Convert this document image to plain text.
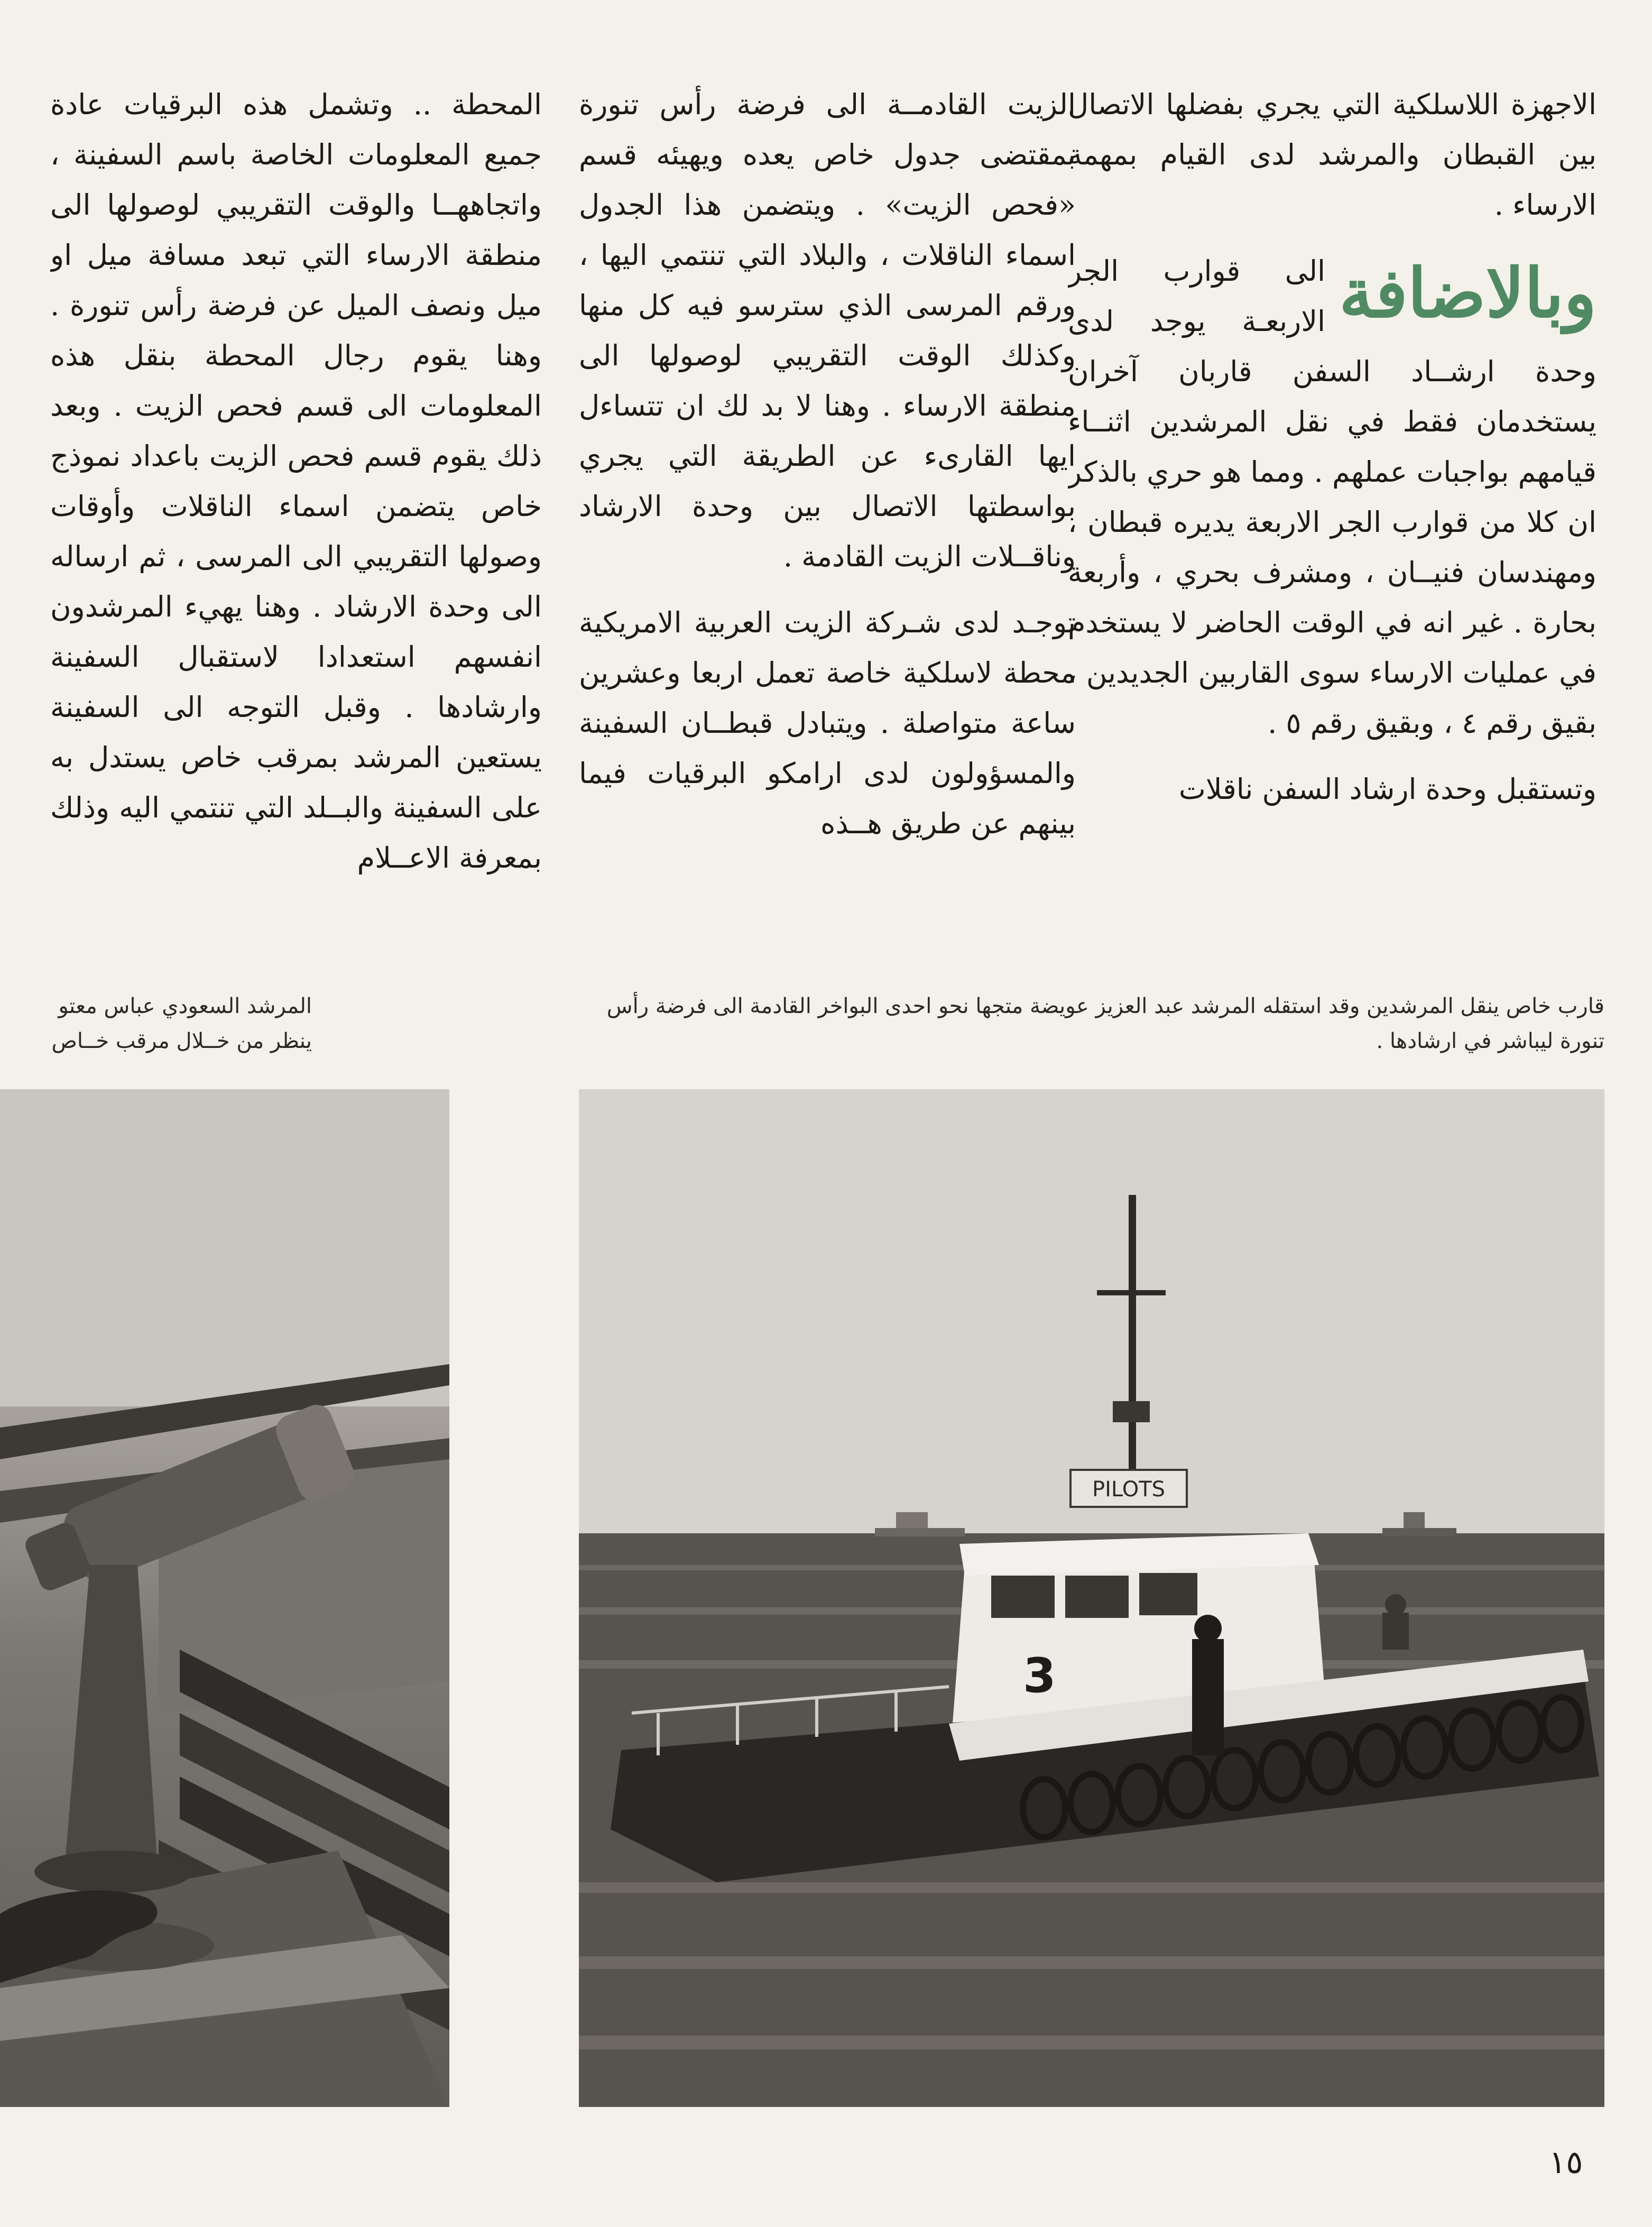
الاجهزة اللاسلكية التي يجري بفضلها الاتصال بين القبطان والمرشد لدى القيام بمهمة الارساء .

وبالاضافة
الى قوارب الجر الاربعـة يوجد لدى وحدة ارشــاد السفن قاربان آخران يستخدمان فقط في نقل المرشدين اثنــاء قيامهم بواجبات عملهم . ومما هو حري بالذكر ان كلا من قوارب الجر الاربعة يديره قبطان ، ومهندسان فنيــان ، ومشرف بحري ، وأربعة بحارة . غير انه في الوقت الحاضر لا يستخدم في عمليات الارساء سوى القاربين الجديدين ، بقيق رقم ٤ ، وبقيق رقم ٥ .

وتستقبل وحدة ارشاد السفن ناقلات

الزيت القادمــة الى فرضة رأس تنورة بمقتضى جدول خاص يعده ويهيئه قسم «فحص الزيت» . ويتضمن هذا الجدول اسماء الناقلات ، والبلاد التي تنتمي اليها ، ورقم المرسى الذي سترسو فيه كل منها وكذلك الوقت التقريبي لوصولها الى منطقة الارساء . وهنا لا بد لك ان تتساءل ايها القارىء عن الطريقة التي يجري بواسطتها الاتصال بين وحدة الارشاد وناقــلات الزيت القادمة .

توجـد لدى شـركة الزيت العربية الامريكية محطة لاسلكية خاصة تعمل اربعا وعشرين ساعة متواصلة . ويتبادل قبطــان السفينة والمسؤولون لدى ارامكو البرقيات فيما بينهم عن طريق هــذه

المحطة .. وتشمل هذه البرقيات عادة جميع المعلومات الخاصة باسم السفينة ، واتجاههــا والوقت التقريبي لوصولها الى منطقة الارساء التي تبعد مسافة ميل او ميل ونصف الميل عن فرضة رأس تنورة . وهنا يقوم رجال المحطة بنقل هذه المعلومات الى قسم فحص الزيت . وبعد ذلك يقوم قسم فحص الزيت باعداد نموذج خاص يتضمن اسماء الناقلات وأوقات وصولها التقريبي الى المرسى ، ثم ارساله الى وحدة الارشاد . وهنا يهيء المرشدون انفسهم استعدادا لاستقبال السفينة وارشادها . وقبل التوجه الى السفينة يستعين المرشد بمرقب خاص يستدل به على السفينة والبــلد التي تنتمي اليه وذلك بمعرفة الاعــلام

قارب خاص ينقل المرشدين وقد استقله المرشد عبد العزيز عويضة متجها نحو احدى البواخر القادمة الى فرضة رأس تنورة ليباشر في ارشادها .
المرشد السعودي عباس معتو
ينظر من خــلال مرقب خــاص
PILOTS
3
١٥
